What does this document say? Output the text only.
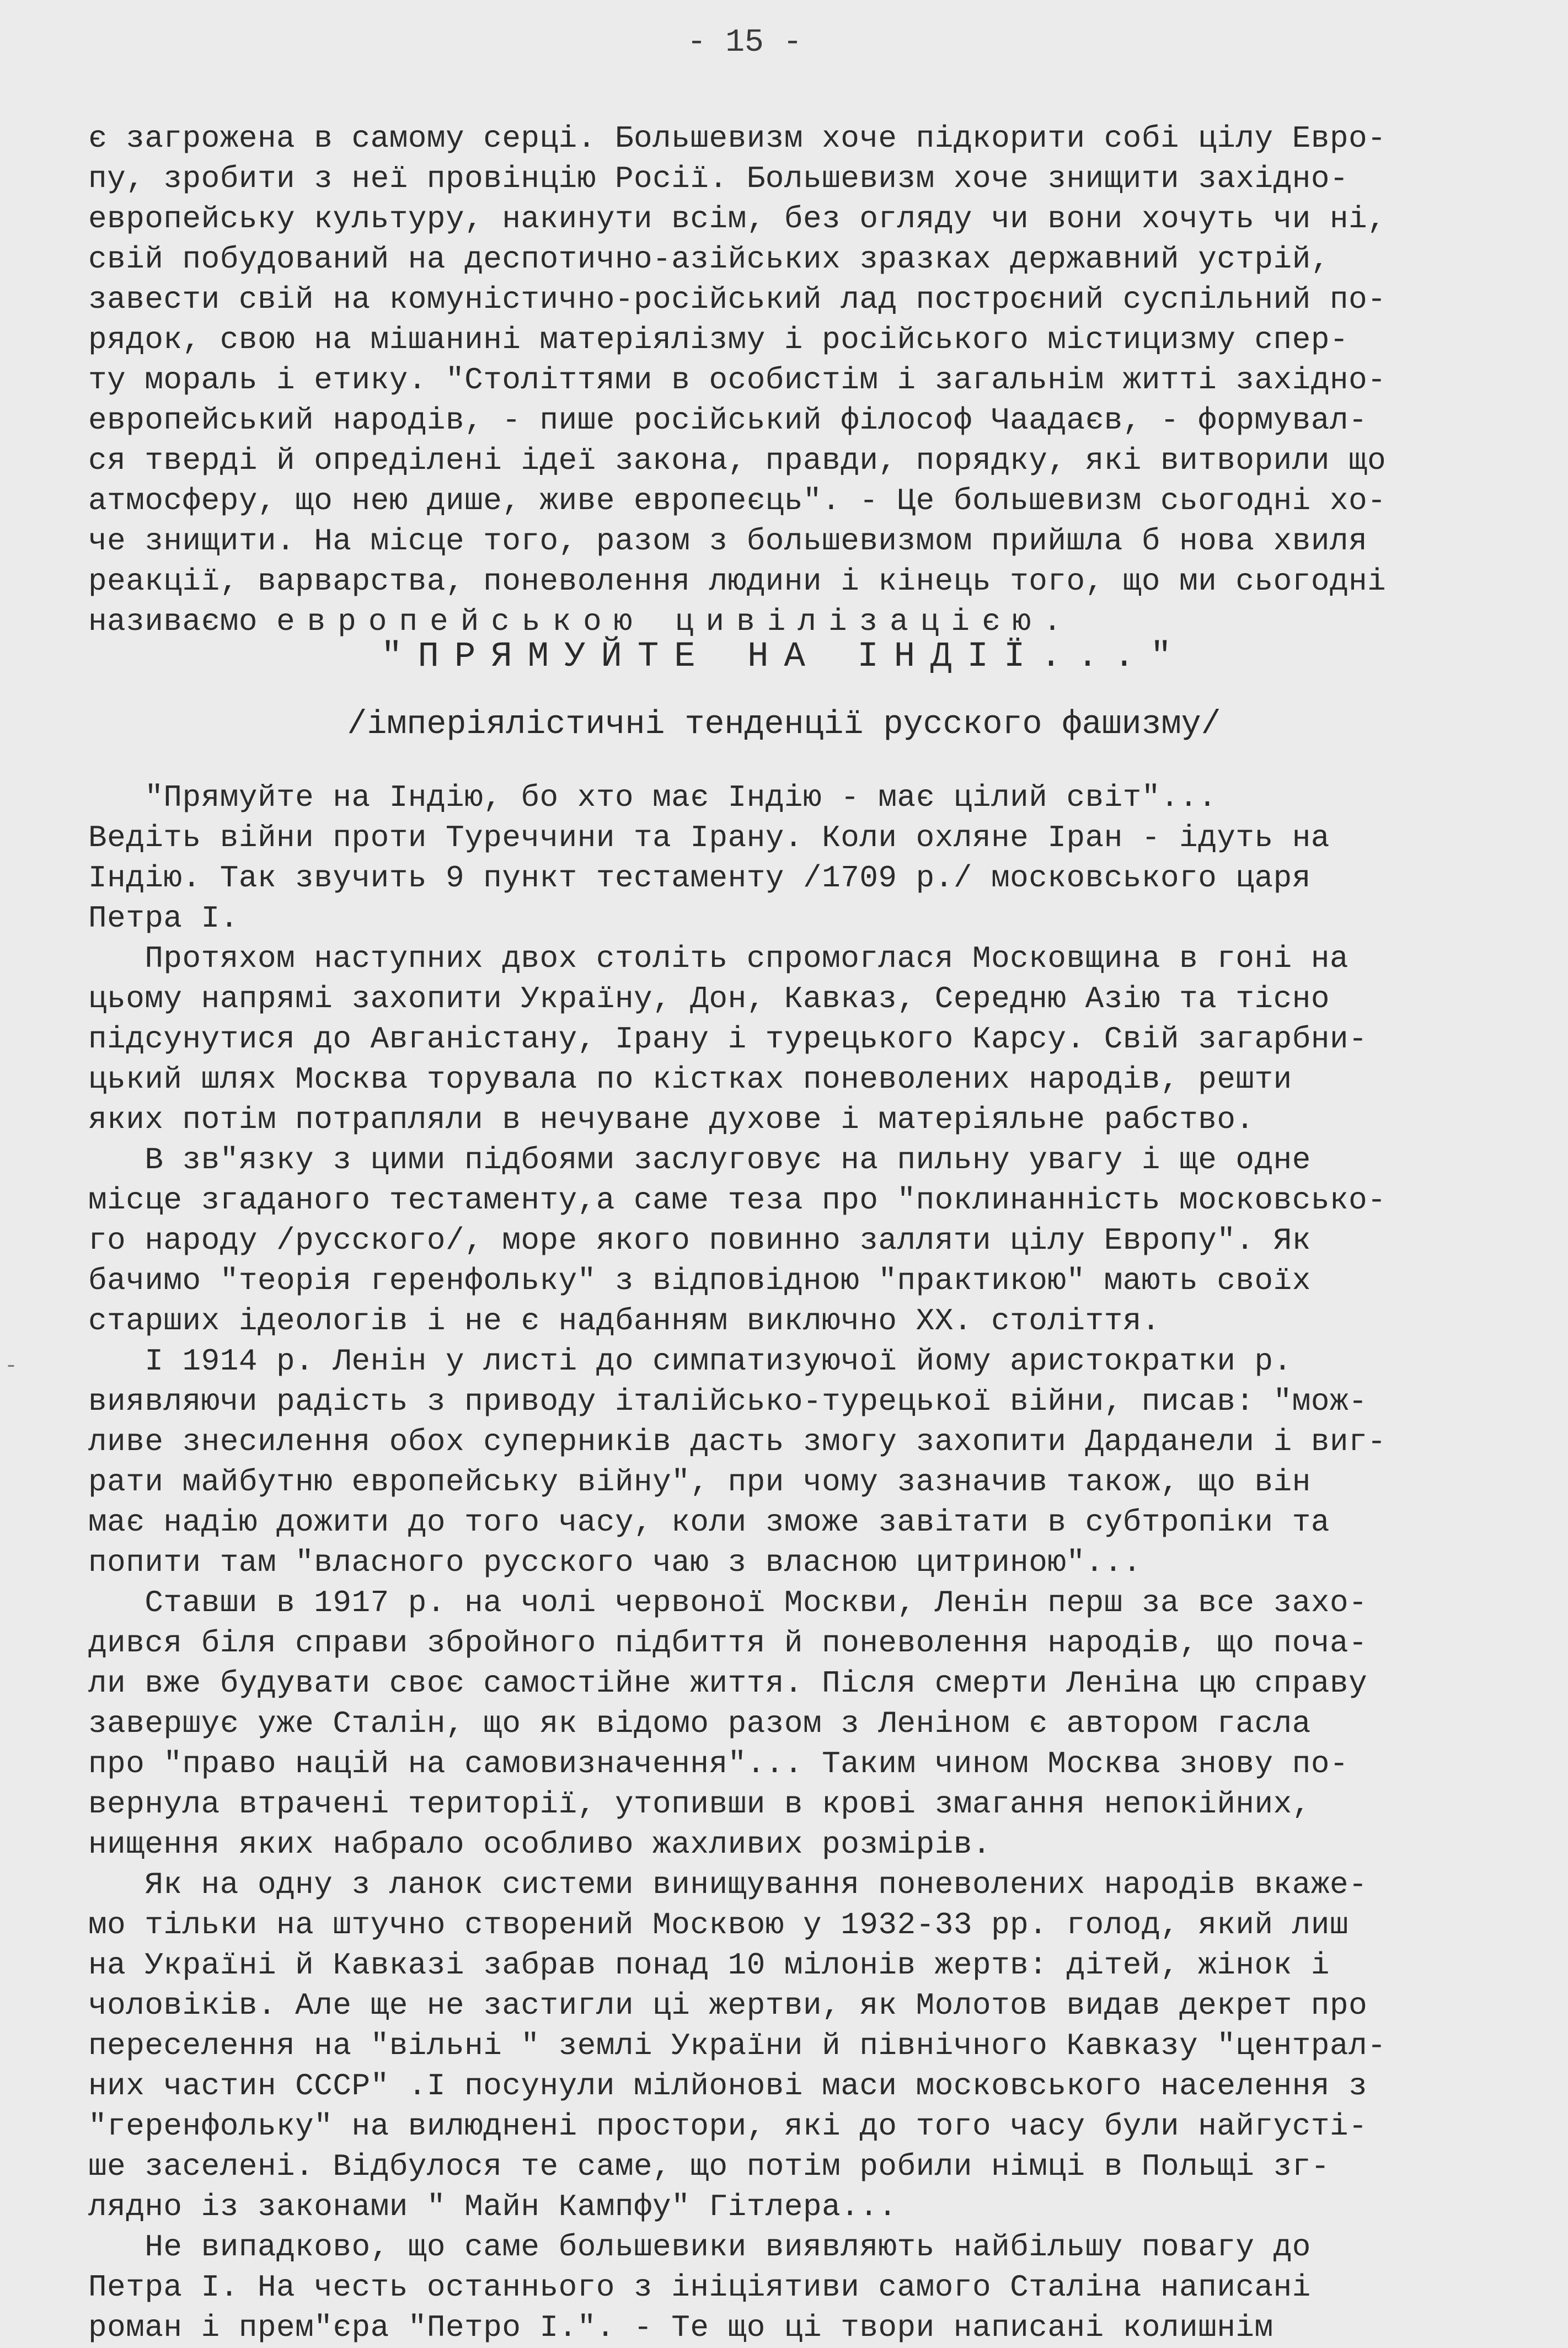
- 15 -
є загрожена в самому серці. Большевизм хоче підкорити собі цілу Евро-
пу, зробити з неї провінцію Росії. Большевизм хоче знищити західно-
европейську культуру, накинути всім, без огляду чи вони хочуть чи ні,
свій побудований на деспотично-азійських зразках державний устрій,
завести свій на комуністично-російський лад построєний суспільний по-
рядок, свою на мішанині матеріялізму і російського містицизму спер-
ту мораль і етику. "Століттями в особистім і загальнім житті західно-
европейський народів, - пише російський філософ Чаадаєв, - формувал-
ся тверді й опреділені ідеї закона, правди, порядку, які витворили що
атмосферу, що нею дише, живе европеєць". - Це большевизм сьогодні хо-
че знищити. На місце того, разом з большевизмом прийшла б нова хвиля
реакції, варварства, поневолення людини і кінець того, що ми сьогодні
називаємо европейською цивілізацією.
"ПРЯМУЙТЕ НА ІНДІЇ..."
/імперіялістичні тенденції русского фашизму/
"Прямуйте на Індію, бо хто має Індію - має цілий світ"...
Ведіть війни проти Туреччини та Ірану. Коли охляне Іран - ідуть на
Індію. Так звучить 9 пункт тестаменту /1709 р./ московського царя
Петра І.
Протяхом наступних двох століть спромоглася Московщина в гоні на
цьому напрямі захопити Україну, Дон, Кавказ, Середню Азію та тісно
підсунутися до Авганістану, Ірану і турецького Карсу. Свій загарбни-
цький шлях Москва торувала по кістках поневолених народів, решти
яких потім потрапляли в нечуване духове і матеріяльне рабство.
В зв"язку з цими підбоями заслуговує на пильну увагу і ще одне
місце згаданого тестаменту,а саме теза про "поклинанність московсько-
го народу /русского/, море якого повинно залляти цілу Европу". Як
бачимо "теорія геренфольку" з відповідною "практикою" мають своїх
старших ідеологів і не є надбанням виключно ХХ. століття.
І 1914 р. Ленін у листі до симпатизуючої йому аристократки р.
виявляючи радість з приводу італійсько-турецької війни, писав: "мож-
ливе знесилення обох суперників дасть змогу захопити Дарданели і виг-
рати майбутню европейську війну", при чому зазначив також, що він
має надію дожити до того часу, коли зможе завітати в субтропіки та
попити там "власного русского чаю з власною цитриною"...
Ставши в 1917 р. на чолі червоної Москви, Ленін перш за все захо-
дився біля справи збройного підбиття й поневолення народів, що поча-
ли вже будувати своє самостійне життя. Після смерти Леніна цю справу
завершує уже Сталін, що як відомо разом з Леніном є автором гасла
про "право націй на самовизначення"... Таким чином Москва знову по-
вернула втрачені території, утопивши в крові змагання непокійних,
нищення яких набрало особливо жахливих розмірів.
Як на одну з ланок системи винищування поневолених народів вкаже-
мо тільки на штучно створений Москвою у 1932-33 рр. голод, який лиш
на Україні й Кавказі забрав понад 10 мілонів жертв: дітей, жінок і
чоловіків. Але ще не застигли ці жертви, як Молотов видав декрет про
переселення на "вільні " землі України й північного Кавказу "централ-
них частин СССР" .І посунули мілйонові маси московського населення з
"геренфольку" на вилюднені простори, які до того часу були найгусті-
ше заселені. Відбулося те саме, що потім робили німці в Польщі зг-
лядно із законами " Майн Кампфу" Гітлера...
Не випадково, що саме большевики виявляють найбільшу повагу до
Петра І. На честь останнього з ініціятиви самого Сталіна написані
роман і прем"єра "Петро І.". - Те що ці твори написані колишнім
-
